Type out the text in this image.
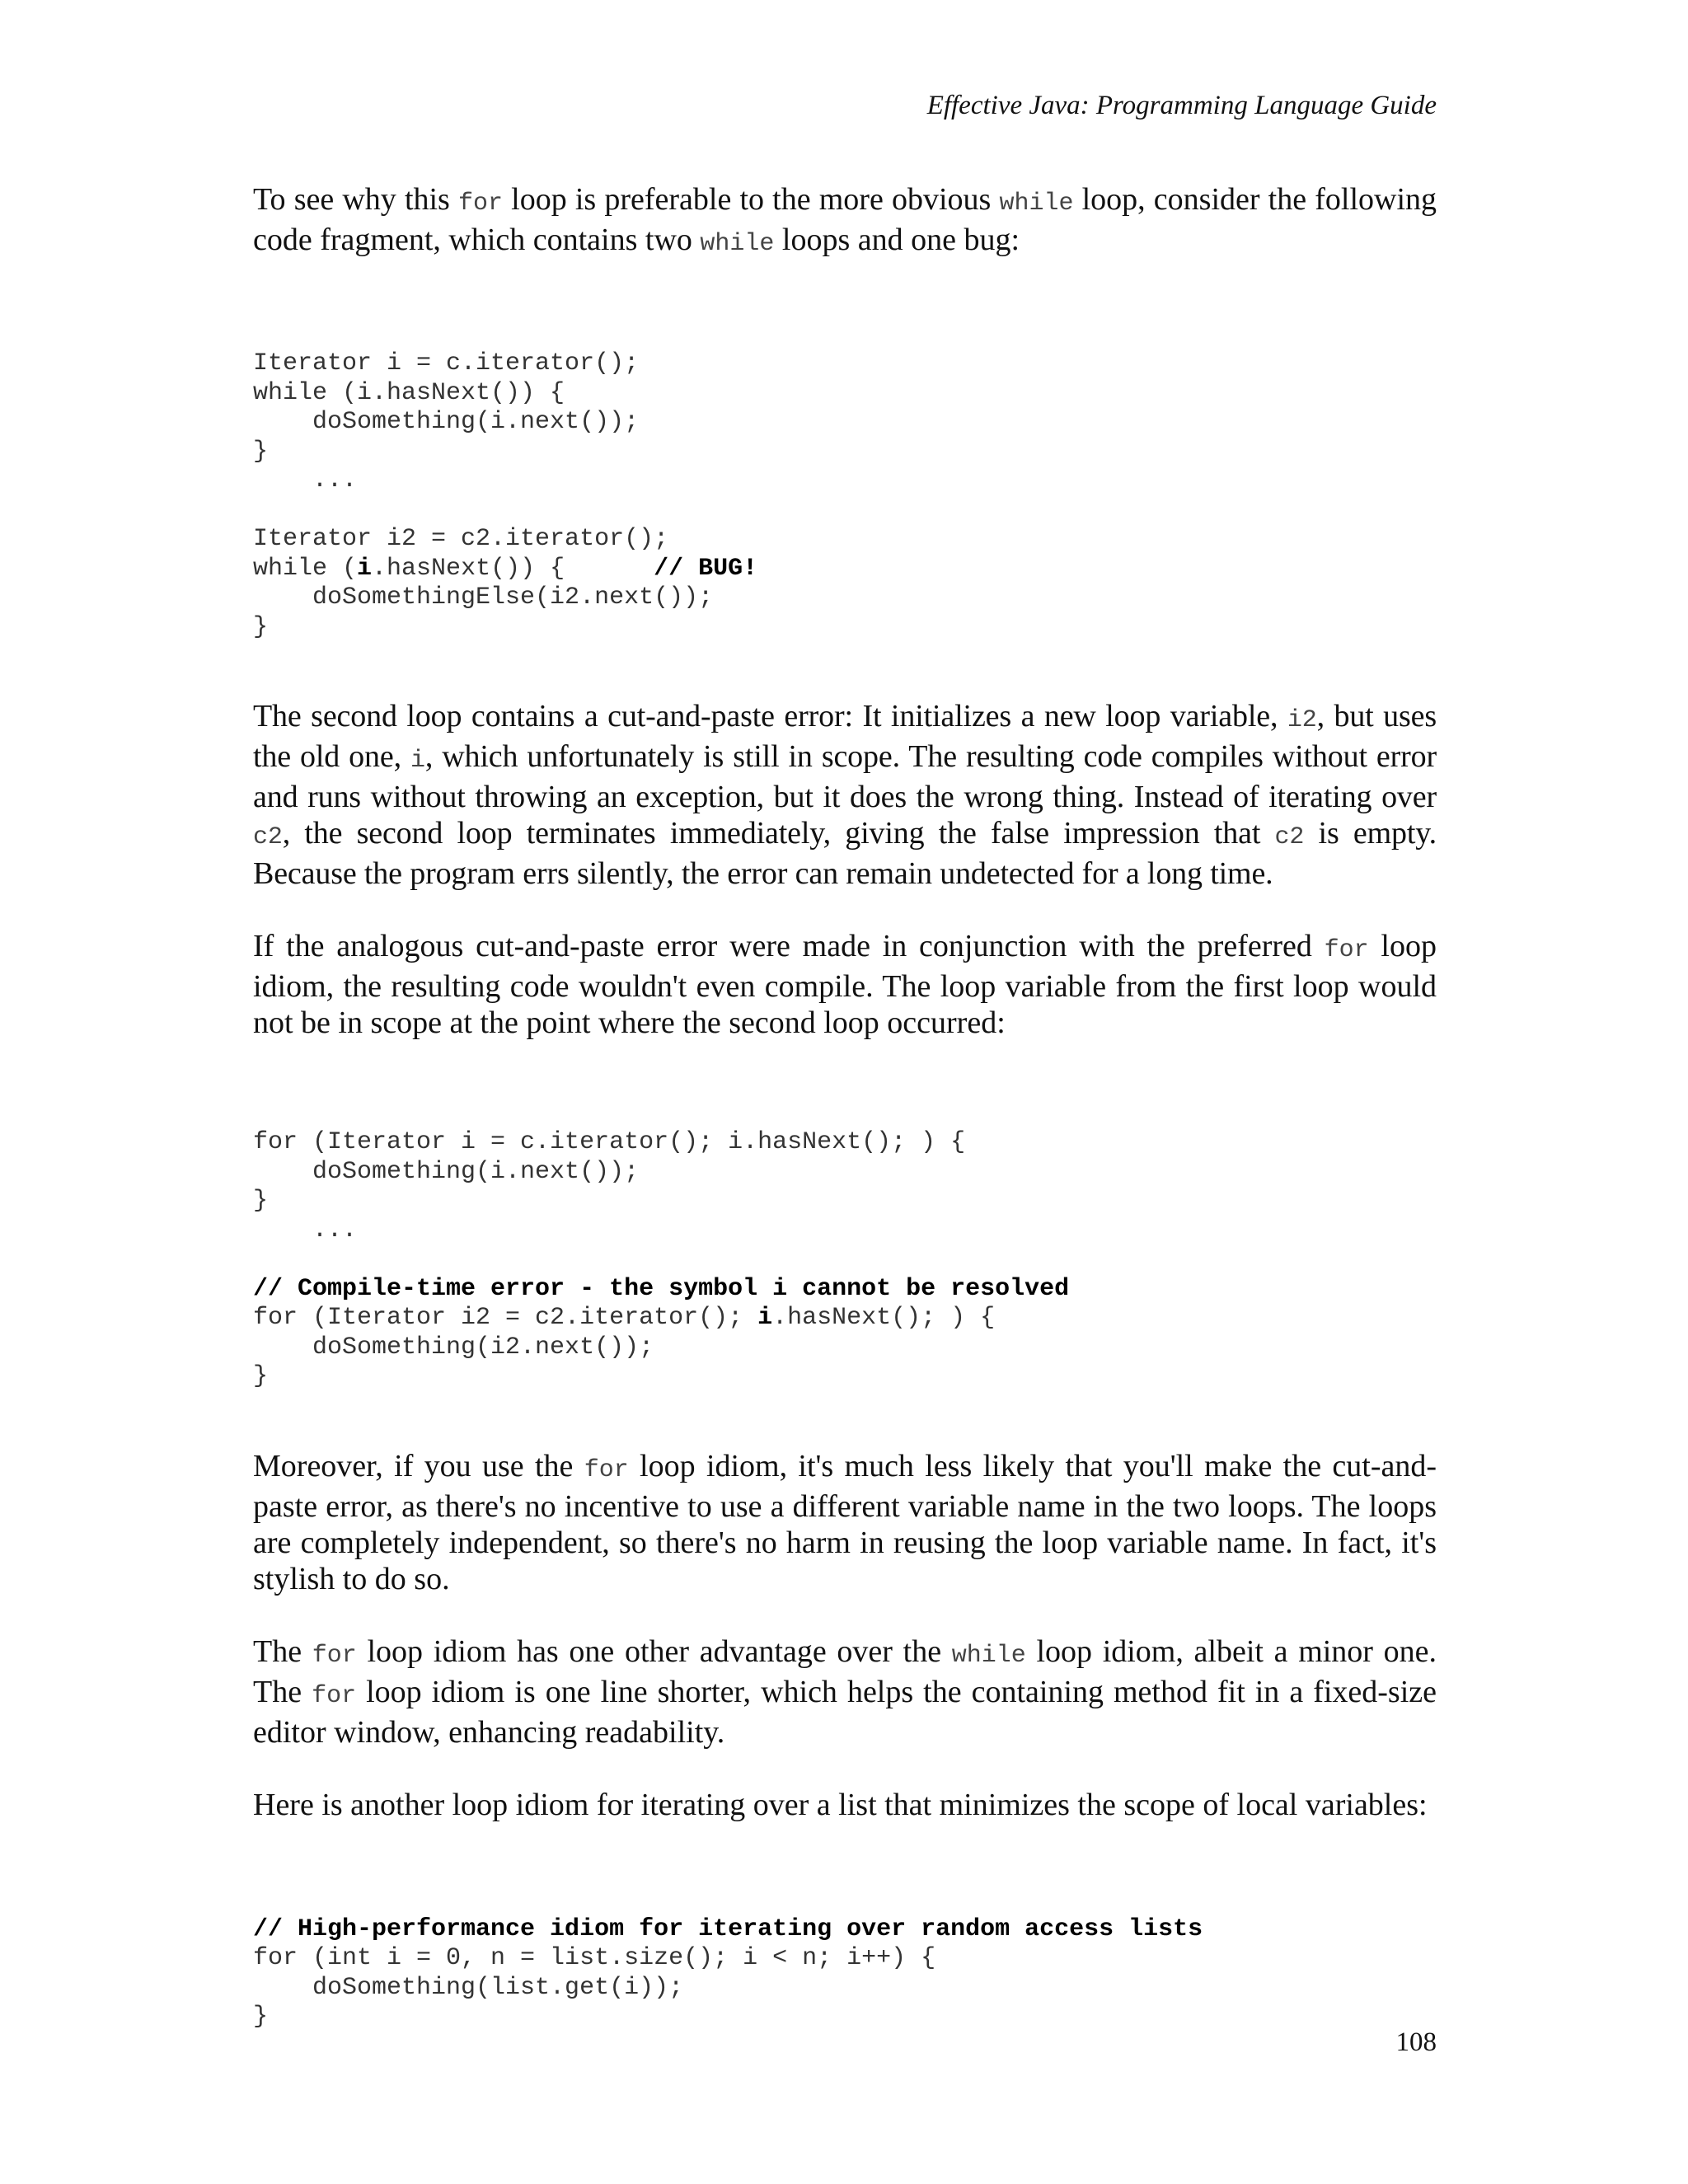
Effective Java: Programming Language Guide

To see why this for loop is preferable to the more obvious while loop, consider the following code fragment, which contains two while loops and one bug:

Iterator i = c.iterator();
while (i.hasNext()) {
doSomething(i.next());
}
...

Iterator i2 = c2.iterator();
while (i.hasNext()) {      // BUG!
doSomethingElse(i2.next());
}

The second loop contains a cut-and-paste error: It initializes a new loop variable, i2, but uses the old one, i, which unfortunately is still in scope. The resulting code compiles without error and runs without throwing an exception, but it does the wrong thing. Instead of iterating over c2, the second loop terminates immediately, giving the false impression that c2 is empty. Because the program errs silently, the error can remain undetected for a long time.

If the analogous cut-and-paste error were made in conjunction with the preferred for loop idiom, the resulting code wouldn't even compile. The loop variable from the first loop would not be in scope at the point where the second loop occurred:

for (Iterator i = c.iterator(); i.hasNext(); ) {
doSomething(i.next());
}
...

// Compile-time error - the symbol i cannot be resolved
for (Iterator i2 = c2.iterator(); i.hasNext(); ) {
doSomething(i2.next());
}

Moreover, if you use the for loop idiom, it's much less likely that you'll make the cut-and-paste error, as there's no incentive to use a different variable name in the two loops. The loops are completely independent, so there's no harm in reusing the loop variable name. In fact, it's stylish to do so.

The for loop idiom has one other advantage over the while loop idiom, albeit a minor one. The for loop idiom is one line shorter, which helps the containing method fit in a fixed-size editor window, enhancing readability.

Here is another loop idiom for iterating over a list that minimizes the scope of local variables:

// High-performance idiom for iterating over random access lists
for (int i = 0, n = list.size(); i < n; i++) {
doSomething(list.get(i));
}
108
